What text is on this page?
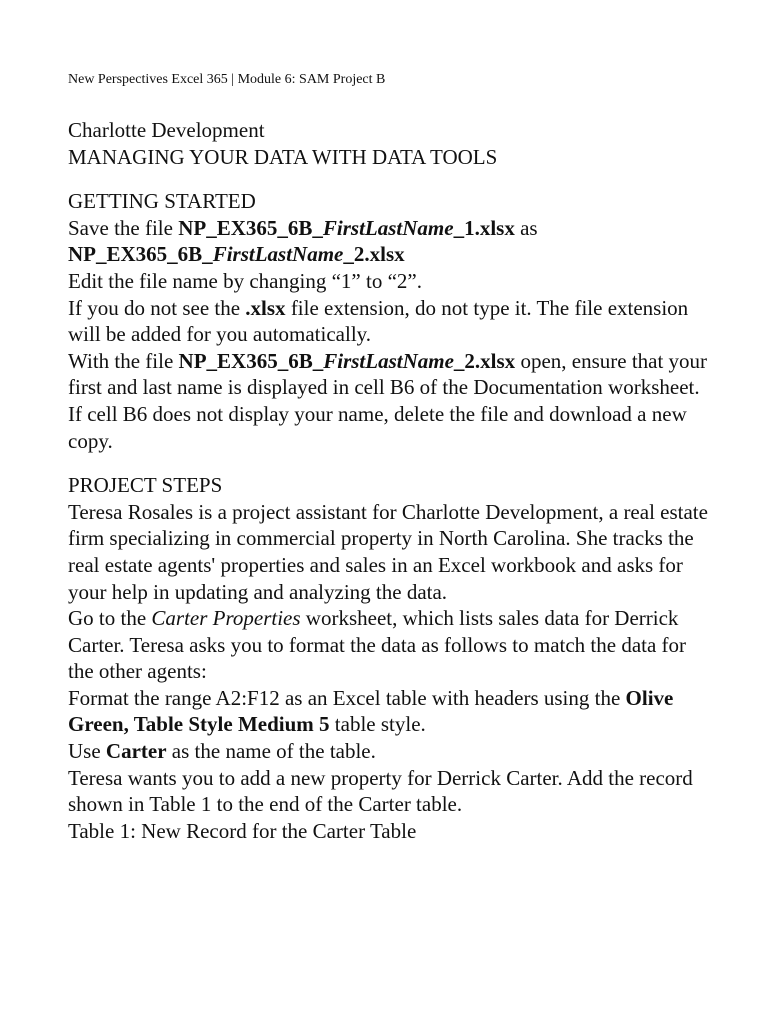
New Perspectives Excel 365 | Module 6: SAM Project B

Charlotte Development

MANAGING YOUR DATA WITH DATA TOOLS

GETTING STARTED

Save the file NP_EX365_6B_FirstLastName_1.xlsx as
NP_EX365_6B_FirstLastName_2.xlsx

Edit the file name by changing “1” to “2”.

If you do not see the .xlsx file extension, do not type it. The file extension will be added for you automatically.

With the file NP_EX365_6B_FirstLastName_2.xlsx open, ensure that your first and last name is displayed in cell B6 of the Documentation worksheet.

If cell B6 does not display your name, delete the file and download a new copy.

PROJECT STEPS

Teresa Rosales is a project assistant for Charlotte Development, a real estate firm specializing in commercial property in North Carolina. She tracks the real estate agents' properties and sales in an Excel workbook and asks for your help in updating and analyzing the data.

Go to the Carter Properties worksheet, which lists sales data for Derrick Carter. Teresa asks you to format the data as follows to match the data for the other agents:

Format the range A2:F12 as an Excel table with headers using the Olive Green, Table Style Medium 5 table style.

Use Carter as the name of the table.

Teresa wants you to add a new property for Derrick Carter. Add the record shown in Table 1 to the end of the Carter table.

Table 1: New Record for the Carter Table
